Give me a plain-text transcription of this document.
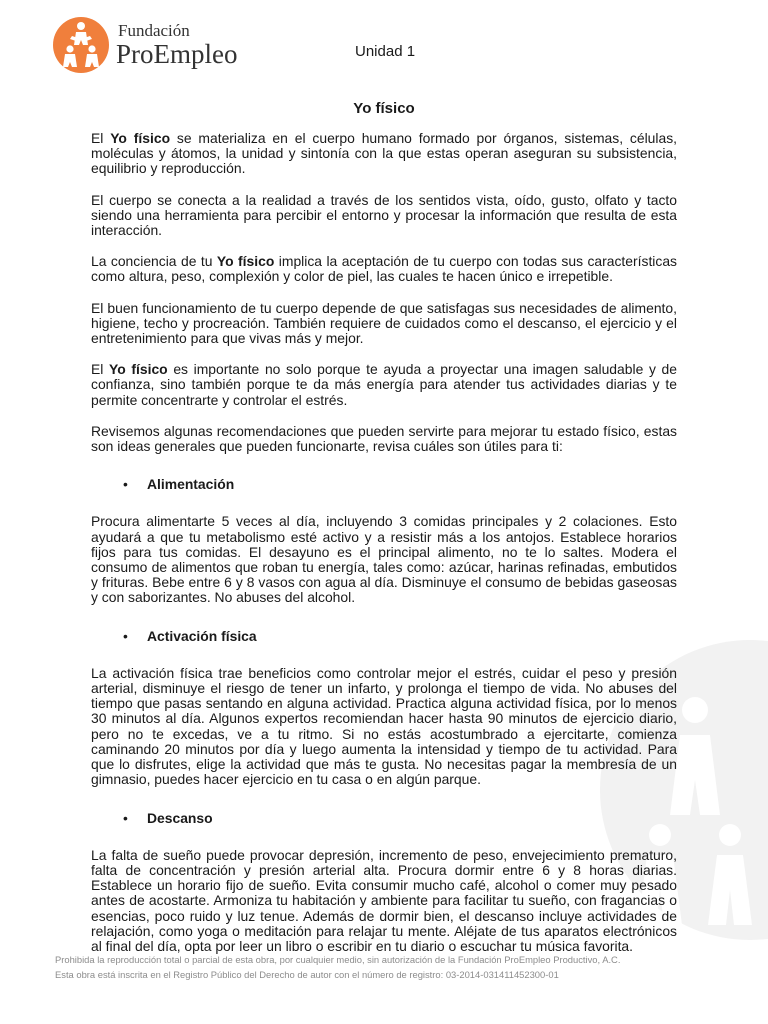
Fundación
ProEmpleo	Unidad 1
Yo físico

El Yo físico se materializa en el cuerpo humano formado por órganos, sistemas, células, moléculas y átomos, la unidad y sintonía con la que estas operan aseguran su subsistencia, equilibrio y reproducción.

El cuerpo se conecta a la realidad a través de los sentidos vista, oído, gusto, olfato y tacto siendo una herramienta para percibir el entorno y procesar la información que resulta de esta interacción.

La conciencia de tu Yo físico implica la aceptación de tu cuerpo con todas sus características como altura, peso, complexión y color de piel, las cuales te hacen único e irrepetible.

El buen funcionamiento de tu cuerpo depende de que satisfagas sus necesidades de alimento, higiene, techo y procreación. También requiere de cuidados como el descanso, el ejercicio y el entretenimiento para que vivas más y mejor.

El Yo físico es importante no solo porque te ayuda a proyectar una imagen saludable y de confianza, sino también porque te da más energía para atender tus actividades diarias y te permite concentrarte y controlar el estrés.

Revisemos algunas recomendaciones que pueden servirte para mejorar tu estado físico, estas son ideas generales que pueden funcionarte, revisa cuáles son útiles para ti:

• Alimentación

Procura alimentarte 5 veces al día, incluyendo 3 comidas principales y 2 colaciones. Esto ayudará a que tu metabolismo esté activo y a resistir más a los antojos. Establece horarios fijos para tus comidas. El desayuno es el principal alimento, no te lo saltes. Modera el consumo de alimentos que roban tu energía, tales como: azúcar, harinas refinadas, embutidos y frituras. Bebe entre 6 y 8 vasos con agua al día. Disminuye el consumo de bebidas gaseosas y con saborizantes. No abuses del alcohol.

• Activación física

La activación física trae beneficios como controlar mejor el estrés, cuidar el peso y presión arterial, disminuye el riesgo de tener un infarto, y prolonga el tiempo de vida. No abuses del tiempo que pasas sentando en alguna actividad. Practica alguna actividad física, por lo menos 30 minutos al día. Algunos expertos recomiendan hacer hasta 90 minutos de ejercicio diario, pero no te excedas, ve a tu ritmo. Si no estás acostumbrado a ejercitarte, comienza caminando 20 minutos por día y luego aumenta la intensidad y tiempo de tu actividad. Para que lo disfrutes, elige la actividad que más te gusta. No necesitas pagar la membresía de un gimnasio, puedes hacer ejercicio en tu casa o en algún parque.

• Descanso

La falta de sueño puede provocar depresión, incremento de peso, envejecimiento prematuro, falta de concentración y presión arterial alta. Procura dormir entre 6 y 8 horas diarias. Establece un horario fijo de sueño. Evita consumir mucho café, alcohol o comer muy pesado antes de acostarte. Armoniza tu habitación y ambiente para facilitar tu sueño, con fragancias o esencias, poco ruido y luz tenue. Además de dormir bien, el descanso incluye actividades de relajación, como yoga o meditación para relajar tu mente. Aléjate de tus aparatos electrónicos al final del día, opta por leer un libro o escribir en tu diario o escuchar tu música favorita.

Prohibida la reproducción total o parcial de esta obra, por cualquier medio, sin autorización de la Fundación ProEmpleo Productivo, A.C.
Esta obra está inscrita en el Registro Público del Derecho de autor con el número de registro: 03-2014-031411452300-01
